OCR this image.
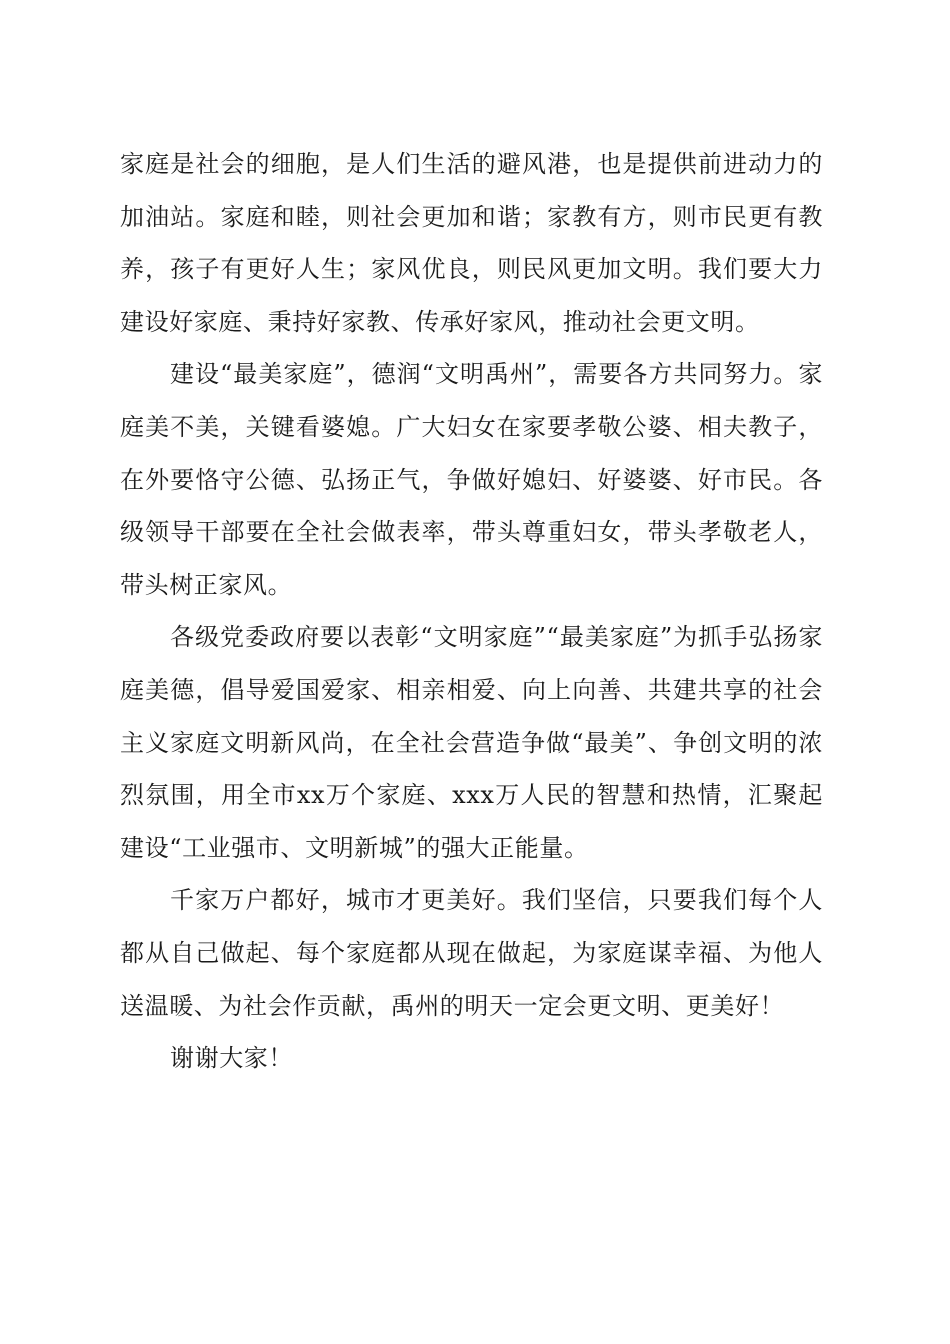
家庭是社会的细胞，是人们生活的避风港，也是提供前进动力的加油站。家庭和睦，则社会更加和谐；家教有方，则市民更有教养，孩子有更好人生；家风优良，则民风更加文明。我们要大力建设好家庭、秉持好家教、传承好家风，推动社会更文明。

建设“最美家庭”，德润“文明禹州”，需要各方共同努力。家庭美不美，关键看婆媳。广大妇女在家要孝敬公婆、相夫教子，在外要恪守公德、弘扬正气，争做好媳妇、好婆婆、好市民。各级领导干部要在全社会做表率，带头尊重妇女，带头孝敬老人，带头树正家风。

各级党委政府要以表彰“文明家庭”“最美家庭”为抓手弘扬家庭美德，倡导爱国爱家、相亲相爱、向上向善、共建共享的社会主义家庭文明新风尚，在全社会营造争做“最美”、争创文明的浓烈氛围，用全市xx万个家庭、xxx万人民的智慧和热情，汇聚起建设“工业强市、文明新城”的强大正能量。

千家万户都好，城市才更美好。我们坚信，只要我们每个人都从自己做起、每个家庭都从现在做起，为家庭谋幸福、为他人送温暖、为社会作贡献，禹州的明天一定会更文明、更美好！

谢谢大家！
